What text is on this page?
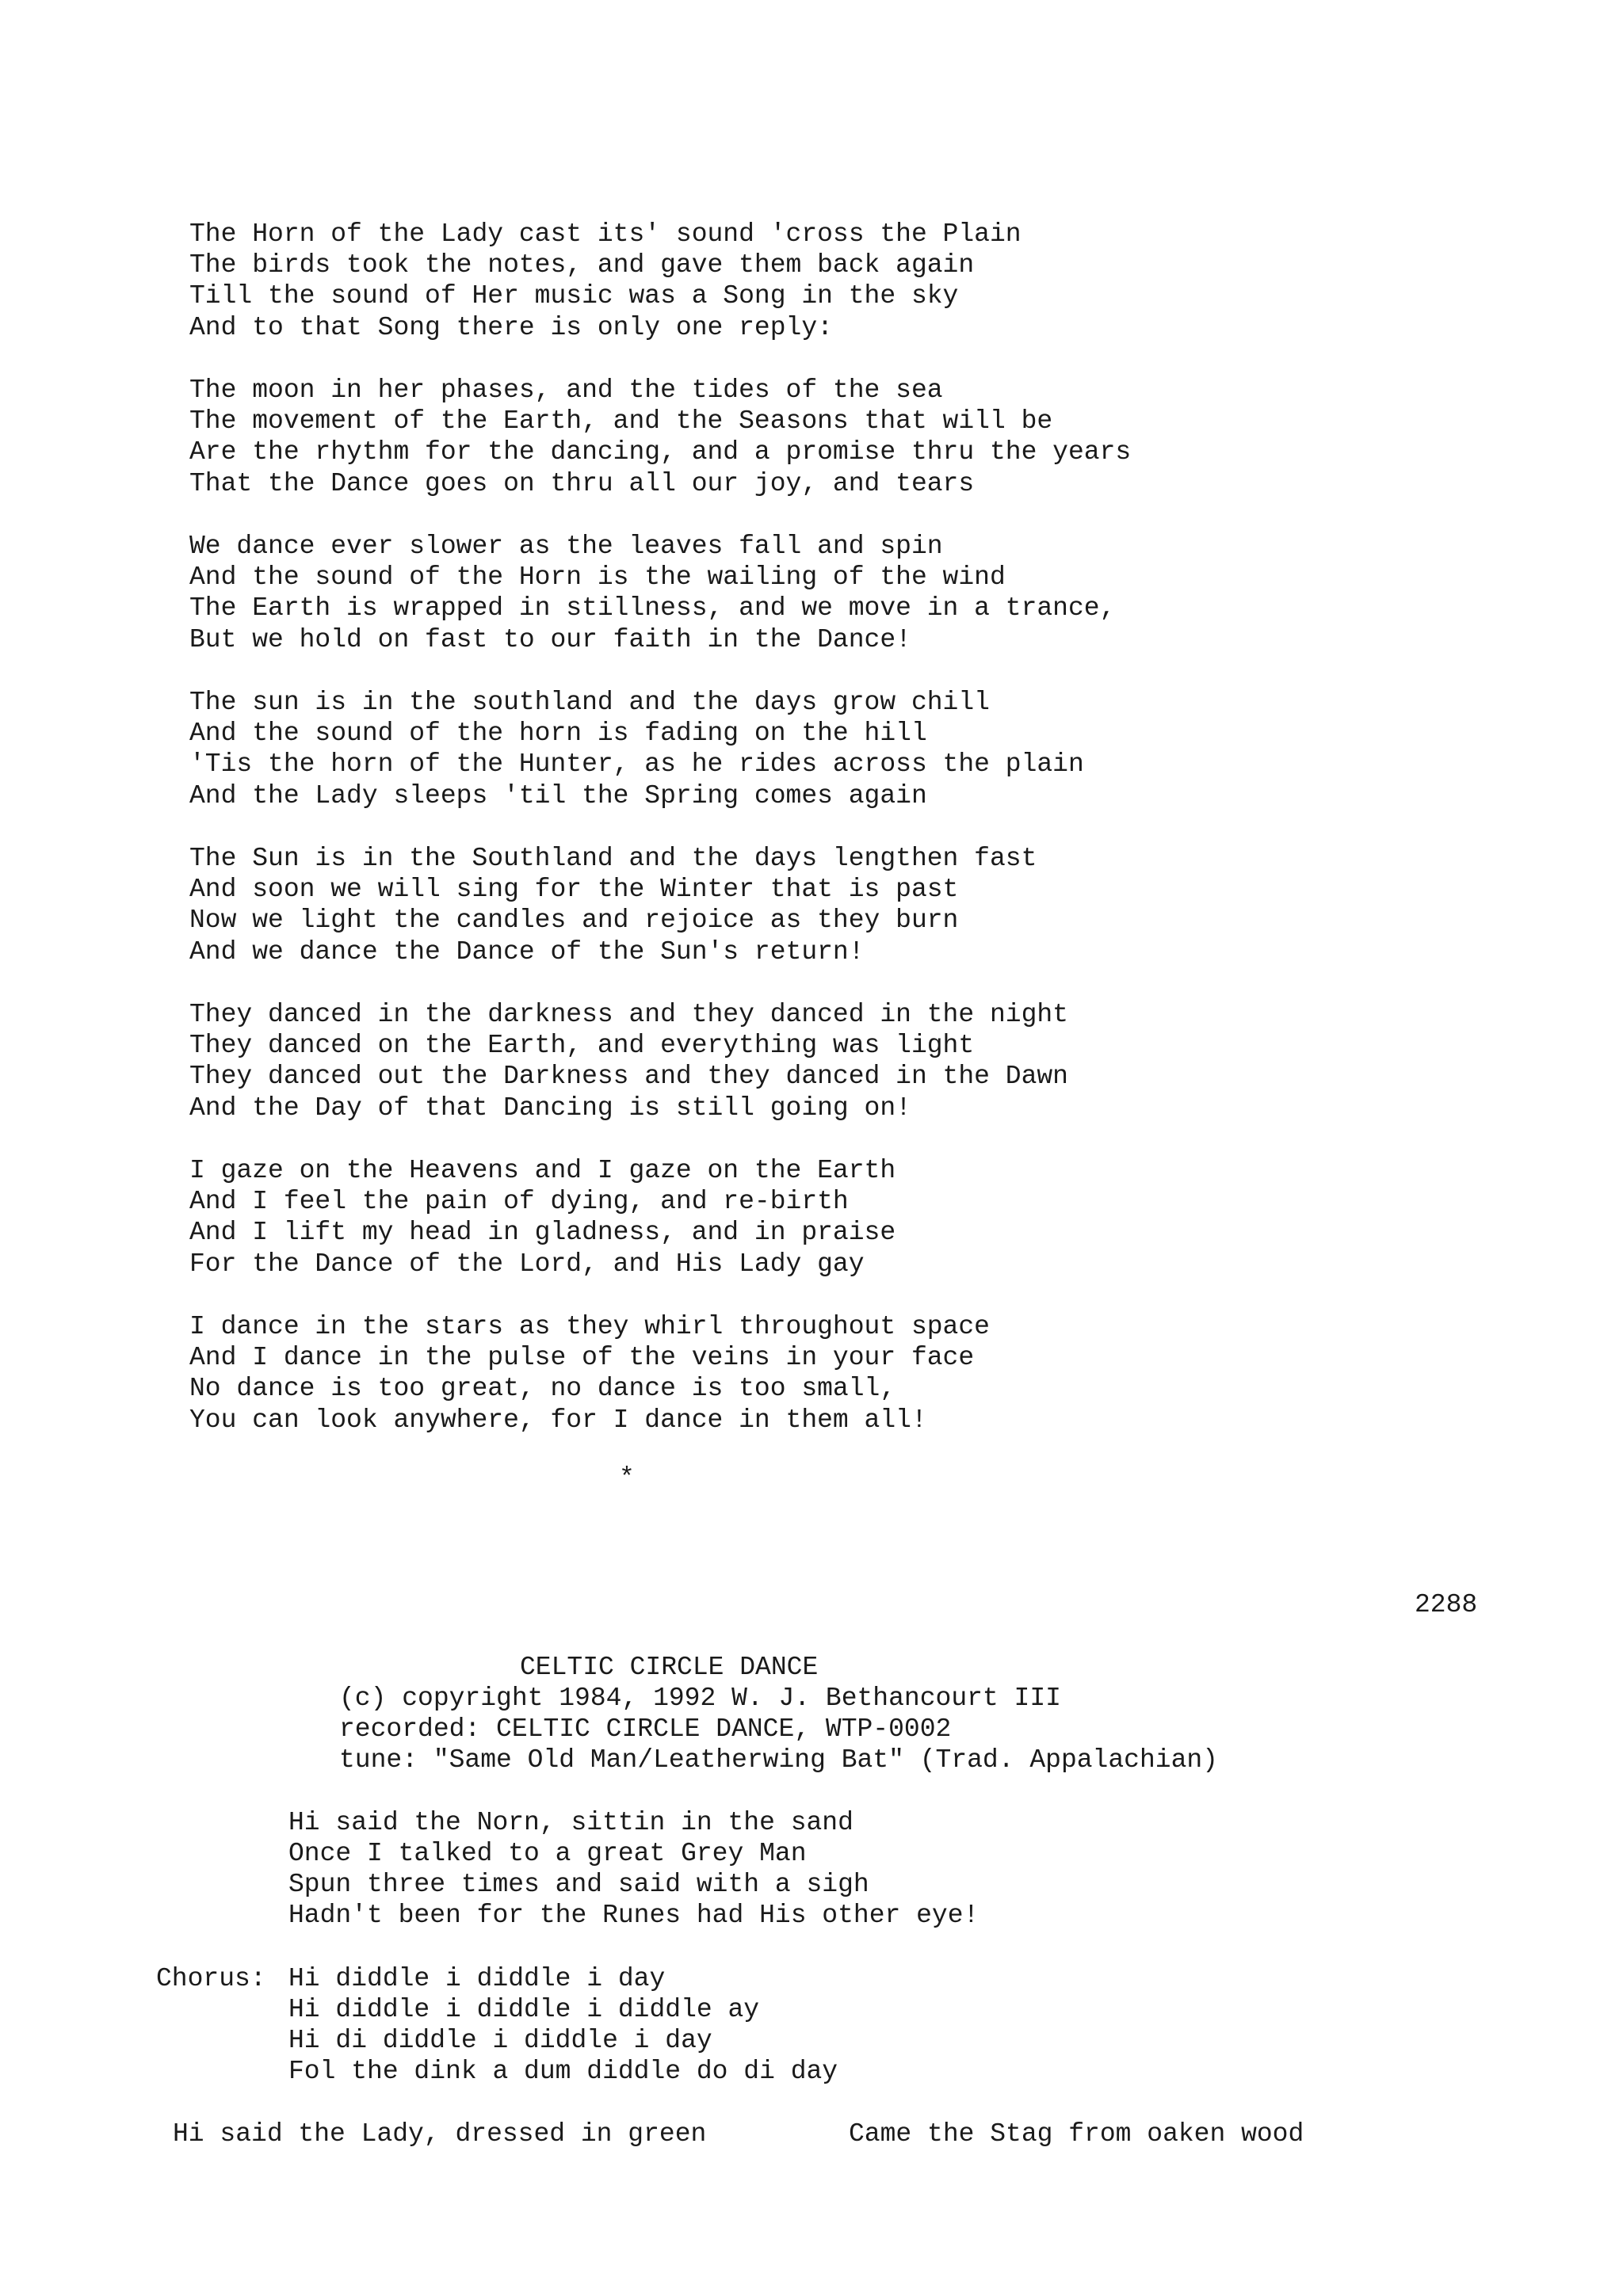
The Horn of the Lady cast its' sound 'cross the Plain
The birds took the notes, and gave them back again
Till the sound of Her music was a Song in the sky
And to that Song there is only one reply:
The moon in her phases, and the tides of the sea
The movement of the Earth, and the Seasons that will be
Are the rhythm for the dancing, and a promise thru the years
That the Dance goes on thru all our joy, and tears
We dance ever slower as the leaves fall and spin
And the sound of the Horn is the wailing of the wind
The Earth is wrapped in stillness, and we move in a trance,
But we hold on fast to our faith in the Dance!
The sun is in the southland and the days grow chill
And the sound of the horn is fading on the hill
'Tis the horn of the Hunter, as he rides across the plain
And the Lady sleeps 'til the Spring comes again
The Sun is in the Southland and the days lengthen fast
And soon we will sing for the Winter that is past
Now we light the candles and rejoice as they burn
And we dance the Dance of the Sun's return!
They danced in the darkness and they danced in the night
They danced on the Earth, and everything was light
They danced out the Darkness and they danced in the Dawn
And the Day of that Dancing is still going on!
I gaze on the Heavens and I gaze on the Earth
And I feel the pain of dying, and re-birth
And I lift my head in gladness, and in praise
For the Dance of the Lord, and His Lady gay
I dance in the stars as they whirl throughout space
And I dance in the pulse of the veins in your face
No dance is too great, no dance is too small,
You can look anywhere, for I dance in them all!
*
2288
CELTIC CIRCLE DANCE
(c) copyright 1984, 1992 W. J. Bethancourt III
recorded: CELTIC CIRCLE DANCE, WTP-0002
tune: "Same Old Man/Leatherwing Bat" (Trad. Appalachian)
Hi said the Norn, sittin in the sand
Once I talked to a great Grey Man
Spun three times and said with a sigh
Hadn't been for the Runes had His other eye!
Chorus: Hi diddle i diddle i day
Hi diddle i diddle i diddle ay
Hi di diddle i diddle i day
Fol the dink a dum diddle do di day
Hi said the Lady, dressed in green	Came the Stag from oaken wood
